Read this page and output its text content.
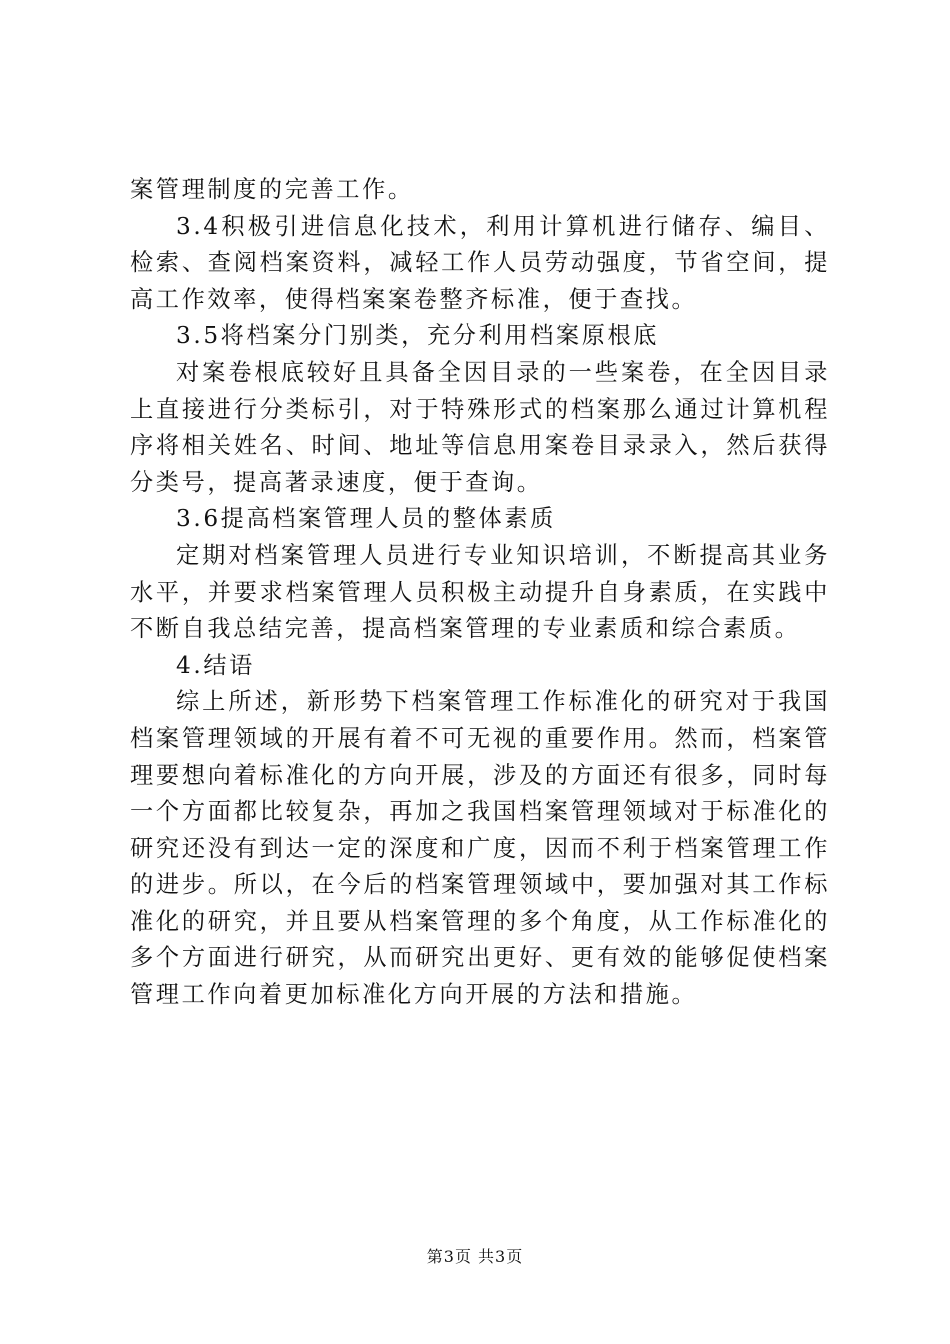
案管理制度的完善工作。

3.4积极引进信息化技术，利用计算机进行储存、编目、检索、查阅档案资料，减轻工作人员劳动强度，节省空间，提高工作效率，使得档案案卷整齐标准，便于查找。

3.5将档案分门别类，充分利用档案原根底

对案卷根底较好且具备全因目录的一些案卷，在全因目录上直接进行分类标引，对于特殊形式的档案那么通过计算机程序将相关姓名、时间、地址等信息用案卷目录录入，然后获得分类号，提高著录速度，便于查询。

3.6提高档案管理人员的整体素质

定期对档案管理人员进行专业知识培训，不断提高其业务水平，并要求档案管理人员积极主动提升自身素质，在实践中不断自我总结完善，提高档案管理的专业素质和综合素质。

4.结语

综上所述，新形势下档案管理工作标准化的研究对于我国档案管理领域的开展有着不可无视的重要作用。然而，档案管理要想向着标准化的方向开展，涉及的方面还有很多，同时每一个方面都比较复杂，再加之我国档案管理领域对于标准化的研究还没有到达一定的深度和广度，因而不利于档案管理工作的进步。所以，在今后的档案管理领域中，要加强对其工作标准化的研究，并且要从档案管理的多个角度，从工作标准化的多个方面进行研究，从而研究出更好、更有效的能够促使档案管理工作向着更加标准化方向开展的方法和措施。

第3页 共3页
